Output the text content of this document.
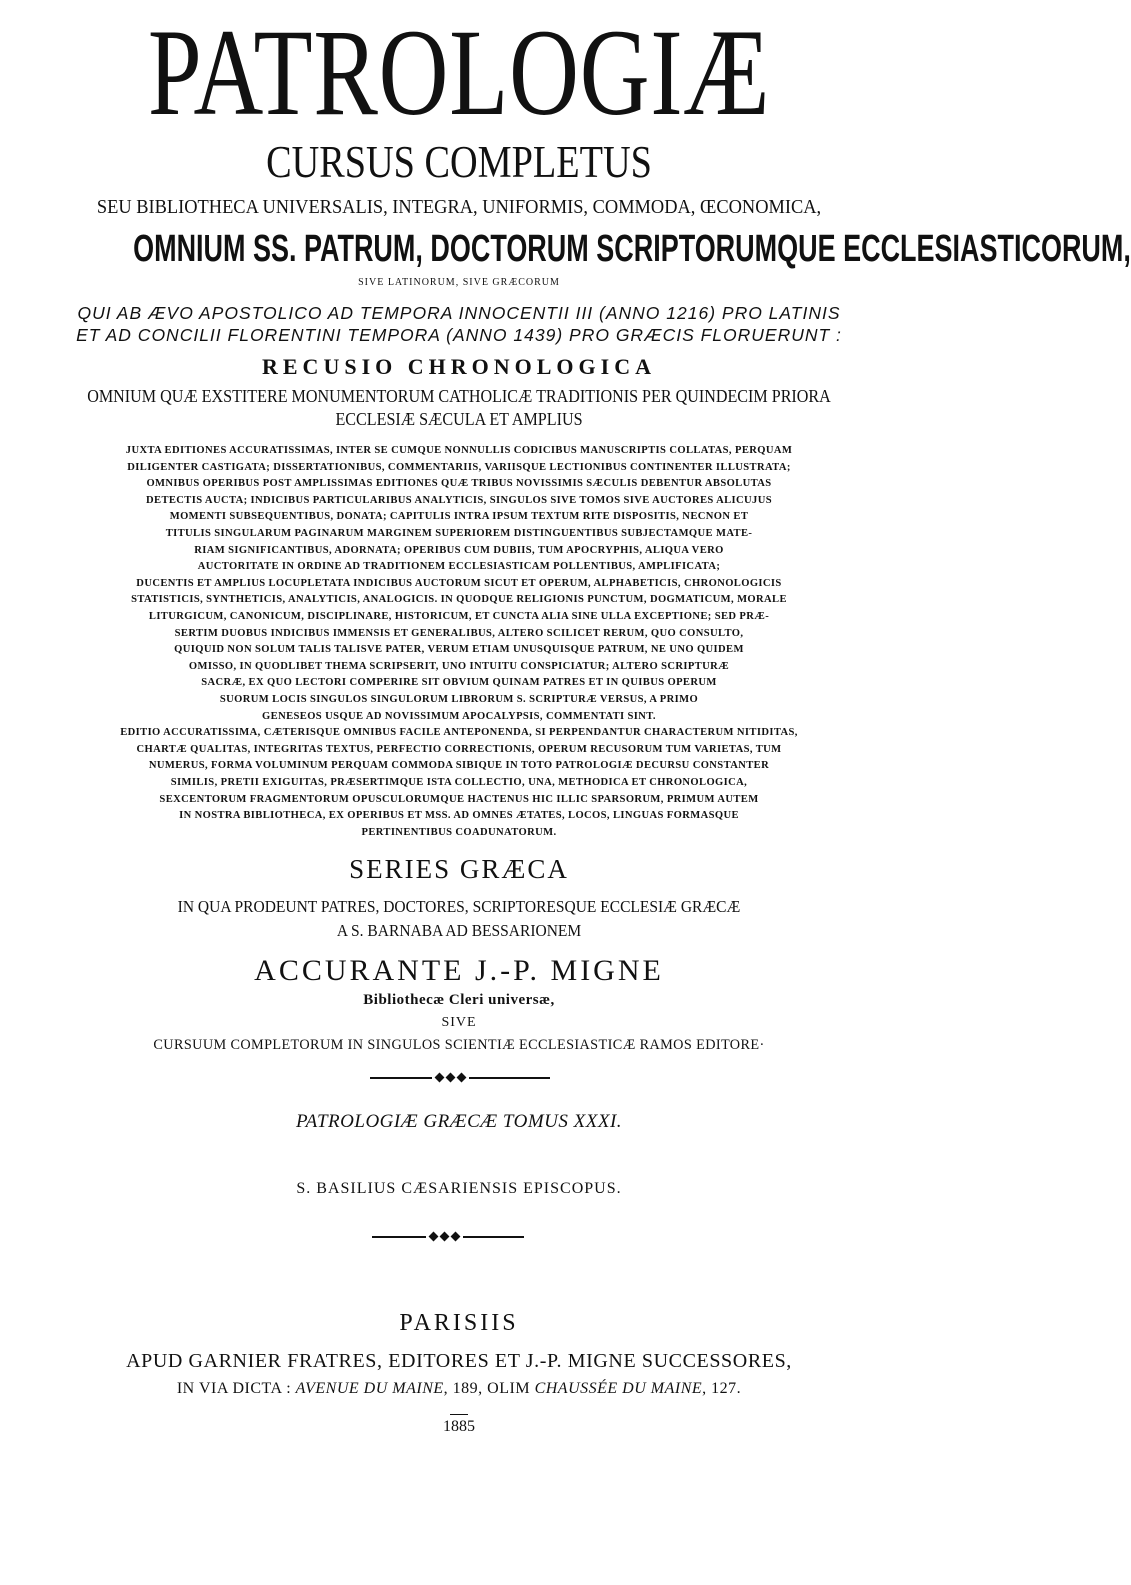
PATROLOGIÆ
CURSUS COMPLETUS
SEU BIBLIOTHECA UNIVERSALIS, INTEGRA, UNIFORMIS, COMMODA, ŒCONOMICA,
OMNIUM SS. PATRUM, DOCTORUM SCRIPTORUMQUE ECCLESIASTICORUM,
SIVE LATINORUM, SIVE GRÆCORUM
QUI AB ÆVO APOSTOLICO AD TEMPORA INNOCENTII III (ANNO 1216) PRO LATINIS
ET AD CONCILII FLORENTINI TEMPORA (ANNO 1439) PRO GRÆCIS FLORUERUNT :
RECUSIO CHRONOLOGICA
OMNIUM QUÆ EXSTITERE MONUMENTORUM CATHOLICÆ TRADITIONIS PER QUINDECIM PRIORA
ECCLESIÆ SÆCULA ET AMPLIUS
JUXTA EDITIONES ACCURATISSIMAS, INTER SE CUMQUE NONNULLIS CODICIBUS MANUSCRIPTIS COLLATAS, PERQUAM
DILIGENTER CASTIGATA; DISSERTATIONIBUS, COMMENTARIIS, VARIISQUE LECTIONIBUS CONTINENTER ILLUSTRATA;
OMNIBUS OPERIBUS POST AMPLISSIMAS EDITIONES QUÆ TRIBUS NOVISSIMIS SÆCULIS DEBENTUR ABSOLUTAS
DETECTIS AUCTA; INDICIBUS PARTICULARIBUS ANALYTICIS, SINGULOS SIVE TOMOS SIVE AUCTORES ALICUJUS
MOMENTI SUBSEQUENTIBUS, DONATA; CAPITULIS INTRA IPSUM TEXTUM RITE DISPOSITIS, NECNON ET
TITULIS SINGULARUM PAGINARUM MARGINEM SUPERIOREM DISTINGUENTIBUS SUBJECTAMQUE MATE-
RIAM SIGNIFICANTIBUS, ADORNATA; OPERIBUS CUM DUBIIS, TUM APOCRYPHIS, ALIQUA VERO
AUCTORITATE IN ORDINE AD TRADITIONEM ECCLESIASTICAM POLLENTIBUS, AMPLIFICATA;
DUCENTIS ET AMPLIUS LOCUPLETATA INDICIBUS AUCTORUM SICUT ET OPERUM, ALPHABETICIS, CHRONOLOGICIS
STATISTICIS, SYNTHETICIS, ANALYTICIS, ANALOGICIS. IN QUODQUE RELIGIONIS PUNCTUM, DOGMATICUM, MORALE
LITURGICUM, CANONICUM, DISCIPLINARE, HISTORICUM, ET CUNCTA ALIA SINE ULLA EXCEPTIONE; SED PRÆ-
SERTIM DUOBUS INDICIBUS IMMENSIS ET GENERALIBUS, ALTERO SCILICET RERUM, QUO CONSULTO,
QUIQUID NON SOLUM TALIS TALISVE PATER, VERUM ETIAM UNUSQUISQUE PATRUM, NE UNO QUIDEM
OMISSO, IN QUODLIBET THEMA SCRIPSERIT, UNO INTUITU CONSPICIATUR; ALTERO SCRIPTURÆ
SACRÆ, EX QUO LECTORI COMPERIRE SIT OBVIUM QUINAM PATRES ET IN QUIBUS OPERUM
SUORUM LOCIS SINGULOS SINGULORUM LIBRORUM S. SCRIPTURÆ VERSUS, A PRIMO
GENESEOS USQUE AD NOVISSIMUM APOCALYPSIS, COMMENTATI SINT.
EDITIO ACCURATISSIMA, CÆTERISQUE OMNIBUS FACILE ANTEPONENDA, SI PERPENDANTUR CHARACTERUM NITIDITAS,
CHARTÆ QUALITAS, INTEGRITAS TEXTUS, PERFECTIO CORRECTIONIS, OPERUM RECUSORUM TUM VARIETAS, TUM
NUMERUS, FORMA VOLUMINUM PERQUAM COMMODA SIBIQUE IN TOTO PATROLOGIÆ DECURSU CONSTANTER
SIMILIS, PRETII EXIGUITAS, PRÆSERTIMQUE ISTA COLLECTIO, UNA, METHODICA ET CHRONOLOGICA,
SEXCENTORUM FRAGMENTORUM OPUSCULORUMQUE HACTENUS HIC ILLIC SPARSORUM, PRIMUM AUTEM
IN NOSTRA BIBLIOTHECA, EX OPERIBUS ET MSS. AD OMNES ÆTATES, LOCOS, LINGUAS FORMASQUE
PERTINENTIBUS COADUNATORUM.
SERIES GRÆCA
IN QUA PRODEUNT PATRES, DOCTORES, SCRIPTORESQUE ECCLESIÆ GRÆCÆ
A S. BARNABA AD BESSARIONEM
ACCURANTE J.-P. MIGNE
Bibliothecæ Cleri universæ,
SIVE
CURSUUM COMPLETORUM IN SINGULOS SCIENTIÆ ECCLESIASTICÆ RAMOS EDITORE·
PATROLOGIÆ GRÆCÆ TOMUS XXXI.
S. BASILIUS CÆSARIENSIS EPISCOPUS.
PARISIIS
APUD GARNIER FRATRES, EDITORES ET J.-P. MIGNE SUCCESSORES,
IN VIA DICTA : AVENUE DU MAINE, 189, OLIM CHAUSSÉE DU MAINE, 127.
1885
